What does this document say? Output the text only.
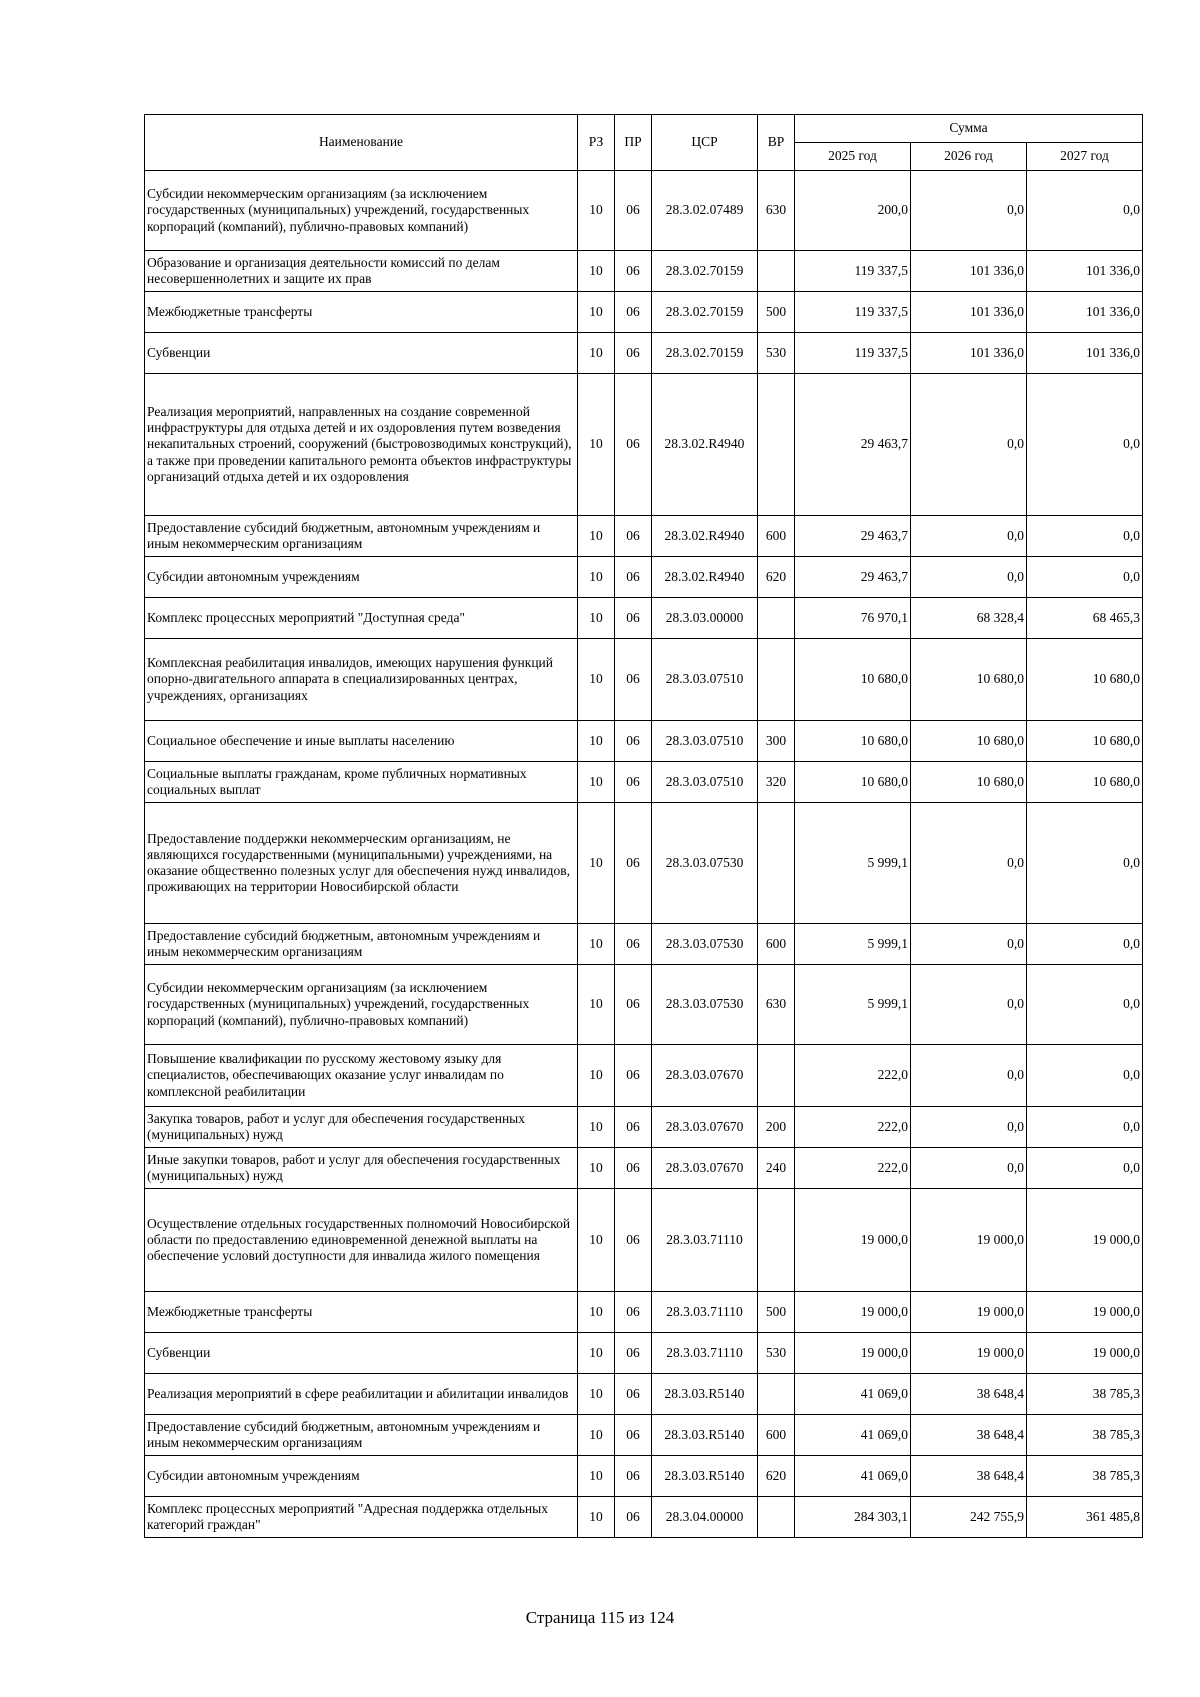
Наименование	РЗ	ПР	ЦСР	ВР	Сумма		
					2025 год	2026 год	2027 год
Субсидии некоммерческим организациям (за исключением государственных (муниципальных) учреждений, государственных корпораций (компаний), публично-правовых компаний)	10	06	28.3.02.07489	630	200,0	0,0	0,0
Образование и организация деятельности комиссий по делам несовершеннолетних и защите их прав	10	06	28.3.02.70159		119 337,5	101 336,0	101 336,0
Межбюджетные трансферты	10	06	28.3.02.70159	500	119 337,5	101 336,0	101 336,0
Субвенции	10	06	28.3.02.70159	530	119 337,5	101 336,0	101 336,0
Реализация мероприятий, направленных на создание современной инфраструктуры для отдыха детей и их оздоровления путем возведения некапитальных строений, сооружений (быстровозводимых конструкций), а также при проведении капитального ремонта объектов инфраструктуры организаций отдыха детей и их оздоровления	10	06	28.3.02.R4940		29 463,7	0,0	0,0
Предоставление субсидий бюджетным, автономным учреждениям и иным некоммерческим организациям	10	06	28.3.02.R4940	600	29 463,7	0,0	0,0
Субсидии автономным учреждениям	10	06	28.3.02.R4940	620	29 463,7	0,0	0,0
Комплекс процессных мероприятий "Доступная среда"	10	06	28.3.03.00000		76 970,1	68 328,4	68 465,3
Комплексная реабилитация инвалидов, имеющих нарушения функций опорно-двигательного аппарата в специализированных центрах, учреждениях, организациях	10	06	28.3.03.07510		10 680,0	10 680,0	10 680,0
Социальное обеспечение и иные выплаты населению	10	06	28.3.03.07510	300	10 680,0	10 680,0	10 680,0
Социальные выплаты гражданам, кроме публичных нормативных социальных выплат	10	06	28.3.03.07510	320	10 680,0	10 680,0	10 680,0
Предоставление поддержки некоммерческим организациям, не являющихся государственными (муниципальными) учреждениями, на оказание общественно полезных услуг для обеспечения нужд инвалидов, проживающих на территории Новосибирской области	10	06	28.3.03.07530		5 999,1	0,0	0,0
Предоставление субсидий бюджетным, автономным учреждениям и иным некоммерческим организациям	10	06	28.3.03.07530	600	5 999,1	0,0	0,0
Субсидии некоммерческим организациям (за исключением государственных (муниципальных) учреждений, государственных корпораций (компаний), публично-правовых компаний)	10	06	28.3.03.07530	630	5 999,1	0,0	0,0
Повышение квалификации по русскому жестовому языку для специалистов, обеспечивающих оказание услуг инвалидам по комплексной реабилитации	10	06	28.3.03.07670		222,0	0,0	0,0
Закупка товаров, работ и услуг для обеспечения государственных (муниципальных) нужд	10	06	28.3.03.07670	200	222,0	0,0	0,0
Иные закупки товаров, работ и услуг для обеспечения государственных (муниципальных) нужд	10	06	28.3.03.07670	240	222,0	0,0	0,0
Осуществление отдельных государственных полномочий Новосибирской области по предоставлению единовременной денежной выплаты на обеспечение условий доступности для инвалида жилого помещения	10	06	28.3.03.71110		19 000,0	19 000,0	19 000,0
Межбюджетные трансферты	10	06	28.3.03.71110	500	19 000,0	19 000,0	19 000,0
Субвенции	10	06	28.3.03.71110	530	19 000,0	19 000,0	19 000,0
Реализация мероприятий в сфере реабилитации и абилитации инвалидов	10	06	28.3.03.R5140		41 069,0	38 648,4	38 785,3
Предоставление субсидий бюджетным, автономным учреждениям и иным некоммерческим организациям	10	06	28.3.03.R5140	600	41 069,0	38 648,4	38 785,3
Субсидии автономным учреждениям	10	06	28.3.03.R5140	620	41 069,0	38 648,4	38 785,3
Комплекс процессных мероприятий "Адресная поддержка отдельных категорий граждан"	10	06	28.3.04.00000		284 303,1	242 755,9	361 485,8
Страница 115 из 124
